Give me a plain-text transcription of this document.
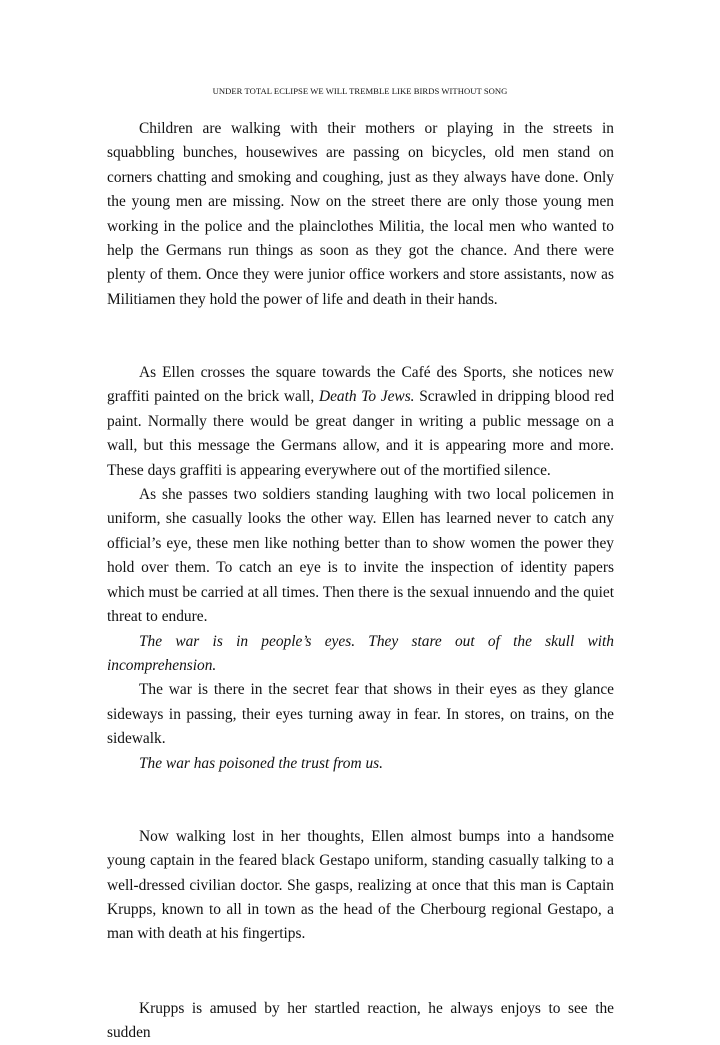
UNDER TOTAL ECLIPSE WE WILL TREMBLE LIKE BIRDS WITHOUT SONG

Children are walking with their mothers or playing in the streets in squabbling bunches, housewives are passing on bicycles, old men stand on corners chatting and smoking and coughing, just as they always have done. Only the young men are missing. Now on the street there are only those young men working in the police and the plainclothes Militia, the local men who wanted to help the Germans run things as soon as they got the chance. And there were plenty of them. Once they were junior office workers and store assistants, now as Militiamen they hold the power of life and death in their hands.

As Ellen crosses the square towards the Café des Sports, she notices new graffiti painted on the brick wall, Death To Jews. Scrawled in dripping blood red paint. Normally there would be great danger in writing a public message on a wall, but this message the Germans allow, and it is appearing more and more. These days graffiti is appearing everywhere out of the mortified silence.

As she passes two soldiers standing laughing with two local policemen in uniform, she casually looks the other way. Ellen has learned never to catch any official’s eye, these men like nothing better than to show women the power they hold over them. To catch an eye is to invite the inspection of identity papers which must be carried at all times. Then there is the sexual innuendo and the quiet threat to endure.

The war is in people’s eyes. They stare out of the skull with incomprehension.

The war is there in the secret fear that shows in their eyes as they glance sideways in passing, their eyes turning away in fear. In stores, on trains, on the sidewalk.

The war has poisoned the trust from us.

Now walking lost in her thoughts, Ellen almost bumps into a handsome young captain in the feared black Gestapo uniform, standing casually talking to a well-dressed civilian doctor. She gasps, realizing at once that this man is Captain Krupps, known to all in town as the head of the Cherbourg regional Gestapo, a man with death at his fingertips.

Krupps is amused by her startled reaction, he always enjoys to see the sudden
